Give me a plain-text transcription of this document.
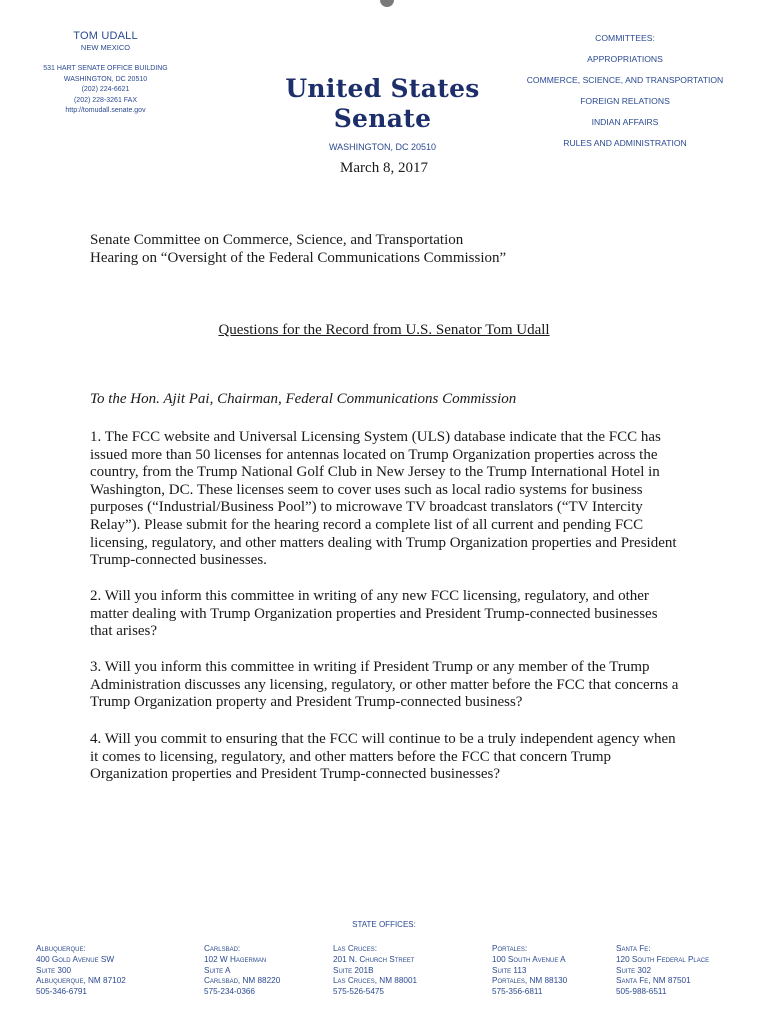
TOM UDALL
NEW MEXICO
531 HART SENATE OFFICE BUILDING
WASHINGTON, DC 20510
(202) 224-6621
(202) 228-3261 FAX
http://tomudall.senate.gov
United States Senate
WASHINGTON, DC 20510
COMMITTEES:
APPROPRIATIONS
COMMERCE, SCIENCE, AND TRANSPORTATION
FOREIGN RELATIONS
INDIAN AFFAIRS
RULES AND ADMINISTRATION
March 8, 2017
Senate Committee on Commerce, Science, and Transportation
Hearing on “Oversight of the Federal Communications Commission”
Questions for the Record from U.S. Senator Tom Udall
To the Hon. Ajit Pai, Chairman, Federal Communications Commission
1. The FCC website and Universal Licensing System (ULS) database indicate that the FCC has issued more than 50 licenses for antennas located on Trump Organization properties across the country, from the Trump National Golf Club in New Jersey to the Trump International Hotel in Washington, DC. These licenses seem to cover uses such as local radio systems for business purposes (“Industrial/Business Pool”) to microwave TV broadcast translators (“TV Intercity Relay”). Please submit for the hearing record a complete list of all current and pending FCC licensing, regulatory, and other matters dealing with Trump Organization properties and President Trump-connected businesses.
2. Will you inform this committee in writing of any new FCC licensing, regulatory, and other matter dealing with Trump Organization properties and President Trump-connected businesses that arises?
3. Will you inform this committee in writing if President Trump or any member of the Trump Administration discusses any licensing, regulatory, or other matter before the FCC that concerns a Trump Organization property and President Trump-connected business?
4. Will you commit to ensuring that the FCC will continue to be a truly independent agency when it comes to licensing, regulatory, and other matters before the FCC that concern Trump Organization properties and President Trump-connected businesses?
STATE OFFICES:
Albuquerque:
400 Gold Avenue SW
Suite 300
Albuquerque, NM 87102
505-346-6791
Carlsbad:
102 W Hagerman
Suite A
Carlsbad, NM 88220
575-234-0366
Las Cruces:
201 N. Church Street
Suite 201B
Las Cruces, NM 88001
575-526-5475
Portales:
100 South Avenue A
Suite 113
Portales, NM 88130
575-356-6811
Santa Fe:
120 South Federal Place
Suite 302
Santa Fe, NM 87501
505-988-6511
